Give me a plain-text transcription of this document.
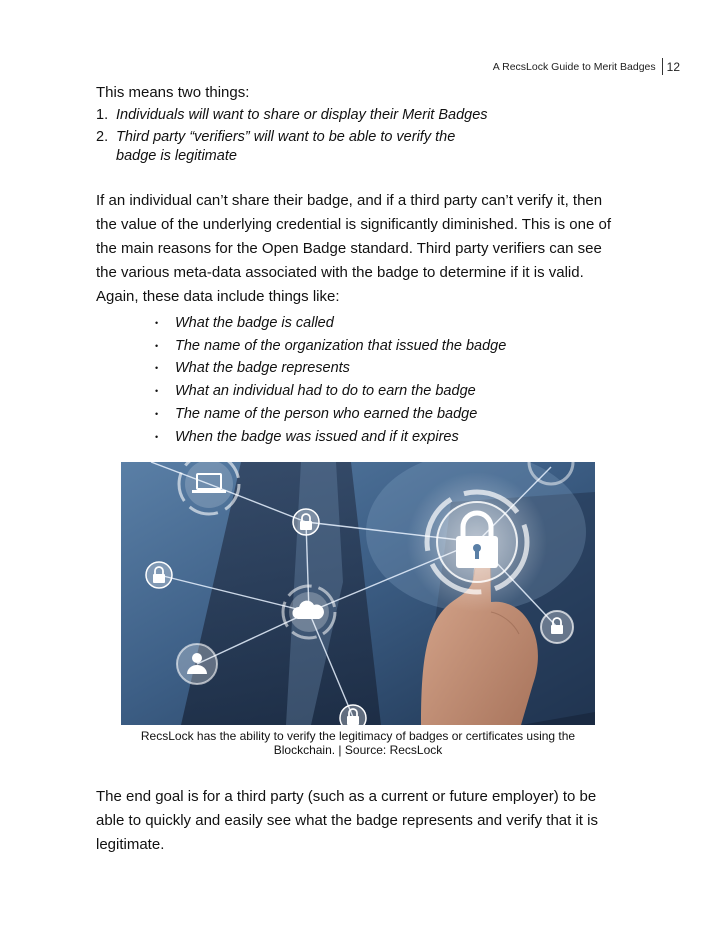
A RecsLock Guide to Merit Badges 12
This means two things:
1. Individuals will want to share or display their Merit Badges
2. Third party “verifiers” will want to be able to verify the badge is legitimate

If an individual can’t share their badge, and if a third party can’t verify it, then the value of the underlying credential is significantly diminished. This is one of the main reasons for the Open Badge standard. Third party verifiers can see the various meta-data associated with the badge to determine if it is valid. Again, these data include things like:

• What the badge is called
• The name of the organization that issued the badge
• What the badge represents
• What an individual had to do to earn the badge
• The name of the person who earned the badge
• When the badge was issued and if it expires
RecsLock has the ability to verify the legitimacy of badges or certificates using the Blockchain. | Source: RecsLock

The end goal is for a third party (such as a current or future employer) to be able to quickly and easily see what the badge represents and verify that it is legitimate.
